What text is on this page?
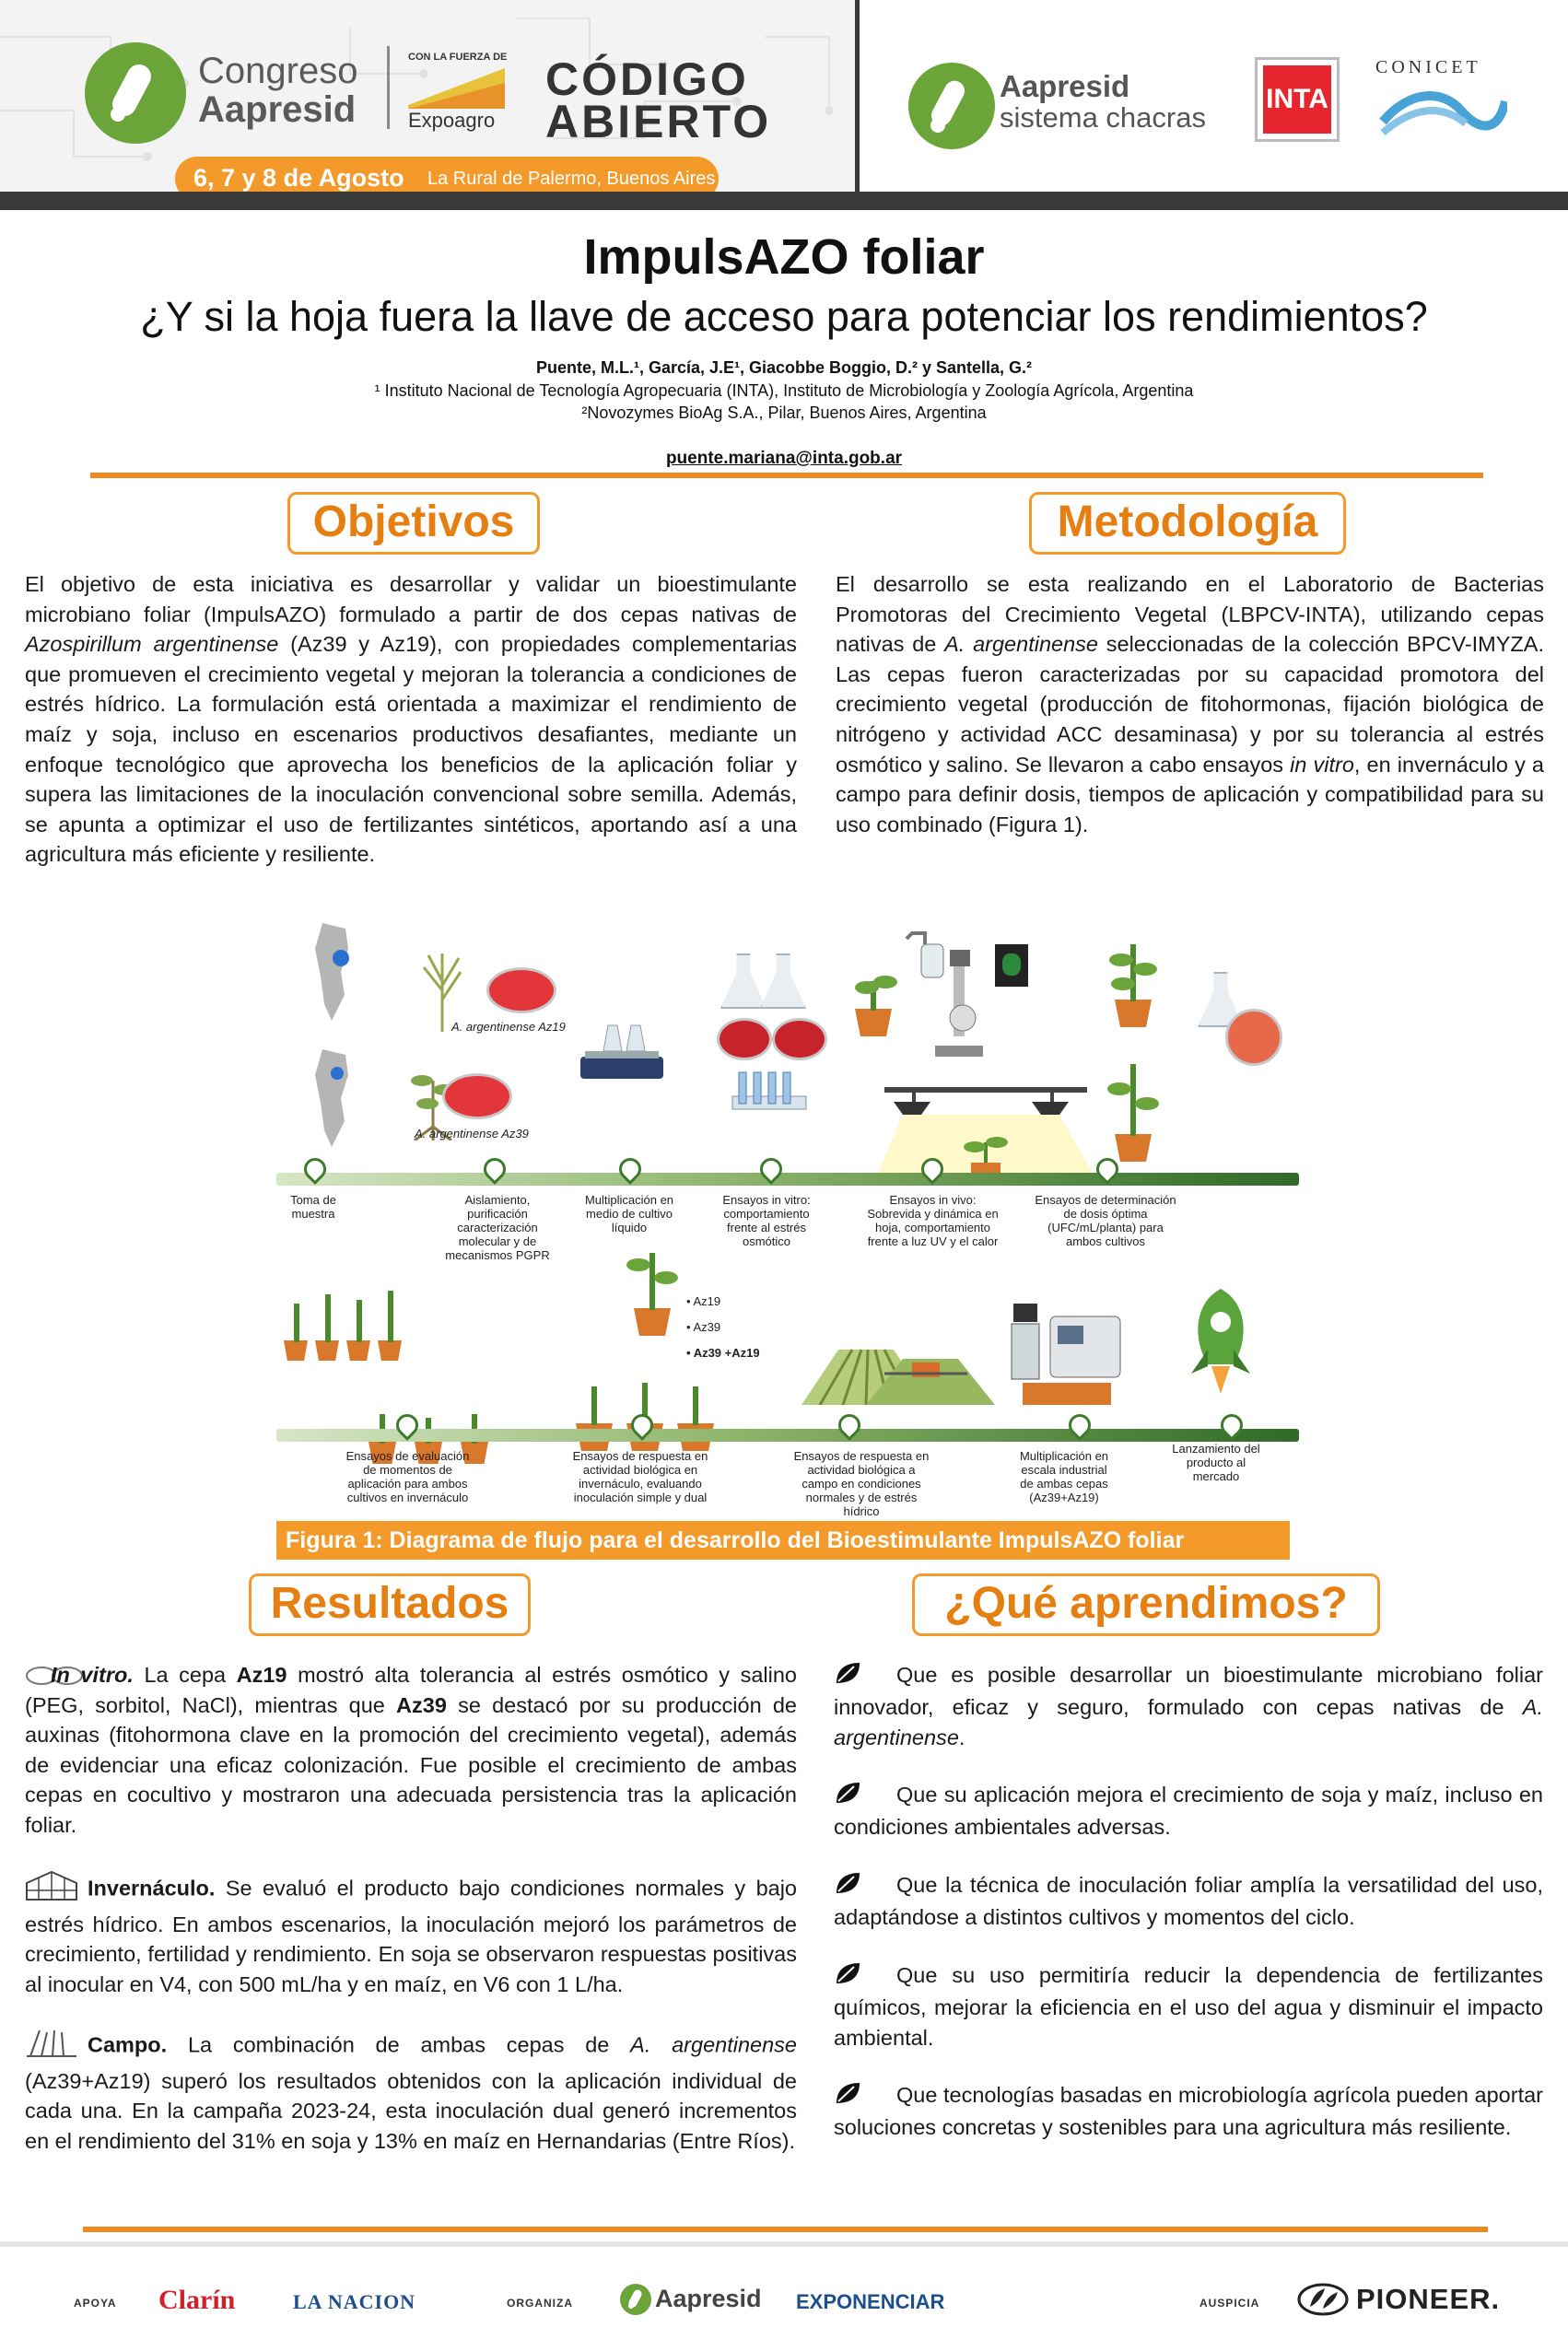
Congreso
Aapresid
CON LA FUERZA DE
Expoagro
CÓDIGO
ABIERTO
6, 7 y 8 de Agosto La Rural de Palermo, Buenos Aires
Aapresid
sistema chacras
INTA
CONICET
ImpulsAZO foliar
¿Y si la hoja fuera la llave de acceso para potenciar los rendimientos?
Puente, M.L.¹, García, J.E¹, Giacobbe Boggio, D.² y Santella, G.²
¹ Instituto Nacional de Tecnología Agropecuaria (INTA), Instituto de Microbiología y Zoología Agrícola, Argentina
²Novozymes BioAg S.A., Pilar, Buenos Aires, Argentina
puente.mariana@inta.gob.ar
Objetivos
El objetivo de esta iniciativa es desarrollar y validar un bioestimulante microbiano foliar (ImpulsAZO) formulado a partir de dos cepas nativas de Azospirillum argentinense (Az39 y Az19), con propiedades complementarias que promueven el crecimiento vegetal y mejoran la tolerancia a condiciones de estrés hídrico. La formulación está orientada a maximizar el rendimiento de maíz y soja, incluso en escenarios productivos desafiantes, mediante un enfoque tecnológico que aprovecha los beneficios de la aplicación foliar y supera las limitaciones de la inoculación convencional sobre semilla. Además, se apunta a optimizar el uso de fertilizantes sintéticos, aportando así a una agricultura más eficiente y resiliente.
Metodología
El desarrollo se esta realizando en el Laboratorio de Bacterias Promotoras del Crecimiento Vegetal (LBPCV-INTA), utilizando cepas nativas de A. argentinense seleccionadas de la colección BPCV-IMYZA. Las cepas fueron caracterizadas por su capacidad promotora del crecimiento vegetal (producción de fitohormonas, fijación biológica de nitrógeno y actividad ACC desaminasa) y por su tolerancia al estrés osmótico y salino. Se llevaron a cabo ensayos in vitro, en invernáculo y a campo para definir dosis, tiempos de aplicación y compatibilidad para su uso combinado (Figura 1).
A. argentinense Az19
A. argentinense Az39
Toma de muestra
Aislamiento, purificación caracterización molecular y de mecanismos PGPR
Multiplicación en medio de cultivo líquido
Ensayos in vitro: comportamiento frente al estrés osmótico
Ensayos in vivo: Sobrevida y dinámica en hoja, comportamiento frente a luz UV y el calor
Ensayos de determinación de dosis óptima (UFC/mL/planta) para ambos cultivos
• Az19
• Az39
• Az39 +Az19
Ensayos de evaluación de momentos de aplicación para ambos cultivos en invernáculo
Ensayos de respuesta en actividad biológica en invernáculo, evaluando inoculación simple y dual
Ensayos de respuesta en actividad biológica a campo en condiciones normales y de estrés hídrico
Multiplicación en escala industrial de ambas cepas (Az39+Az19)
Lanzamiento del producto al mercado
Figura 1: Diagrama de flujo para el desarrollo del Bioestimulante ImpulsAZO foliar
Resultados
In vitro. La cepa Az19 mostró alta tolerancia al estrés osmótico y salino (PEG, sorbitol, NaCl), mientras que Az39 se destacó por su producción de auxinas (fitohormona clave en la promoción del crecimiento vegetal), además de evidenciar una eficaz colonización. Fue posible el crecimiento de ambas cepas en cocultivo y mostraron una adecuada persistencia tras la aplicación foliar.
Invernáculo. Se evaluó el producto bajo condiciones normales y bajo estrés hídrico. En ambos escenarios, la inoculación mejoró los parámetros de crecimiento, fertilidad y rendimiento. En soja se observaron respuestas positivas al inocular en V4, con 500 mL/ha y en maíz, en V6 con 1 L/ha.
Campo. La combinación de ambas cepas de A. argentinense (Az39+Az19) superó los resultados obtenidos con la aplicación individual de cada una. En la campaña 2023-24, esta inoculación dual generó incrementos en el rendimiento del 31% en soja y 13% en maíz en Hernandarias (Entre Ríos).
¿Qué aprendimos?
Que es posible desarrollar un bioestimulante microbiano foliar innovador, eficaz y seguro, formulado con cepas nativas de A. argentinense.
Que su aplicación mejora el crecimiento de soja y maíz, incluso en condiciones ambientales adversas.
Que la técnica de inoculación foliar amplía la versatilidad del uso, adaptándose a distintos cultivos y momentos del ciclo.
Que su uso permitiría reducir la dependencia de fertilizantes químicos, mejorar la eficiencia en el uso del agua y disminuir el impacto ambiental.
Que tecnologías basadas en microbiología agrícola pueden aportar soluciones concretas y sostenibles para una agricultura más resiliente.
APOYA Clarín	LA NACION	ORGANIZA	Aapresid EXPONENCIAR	AUSPICIA	PIONEER.
